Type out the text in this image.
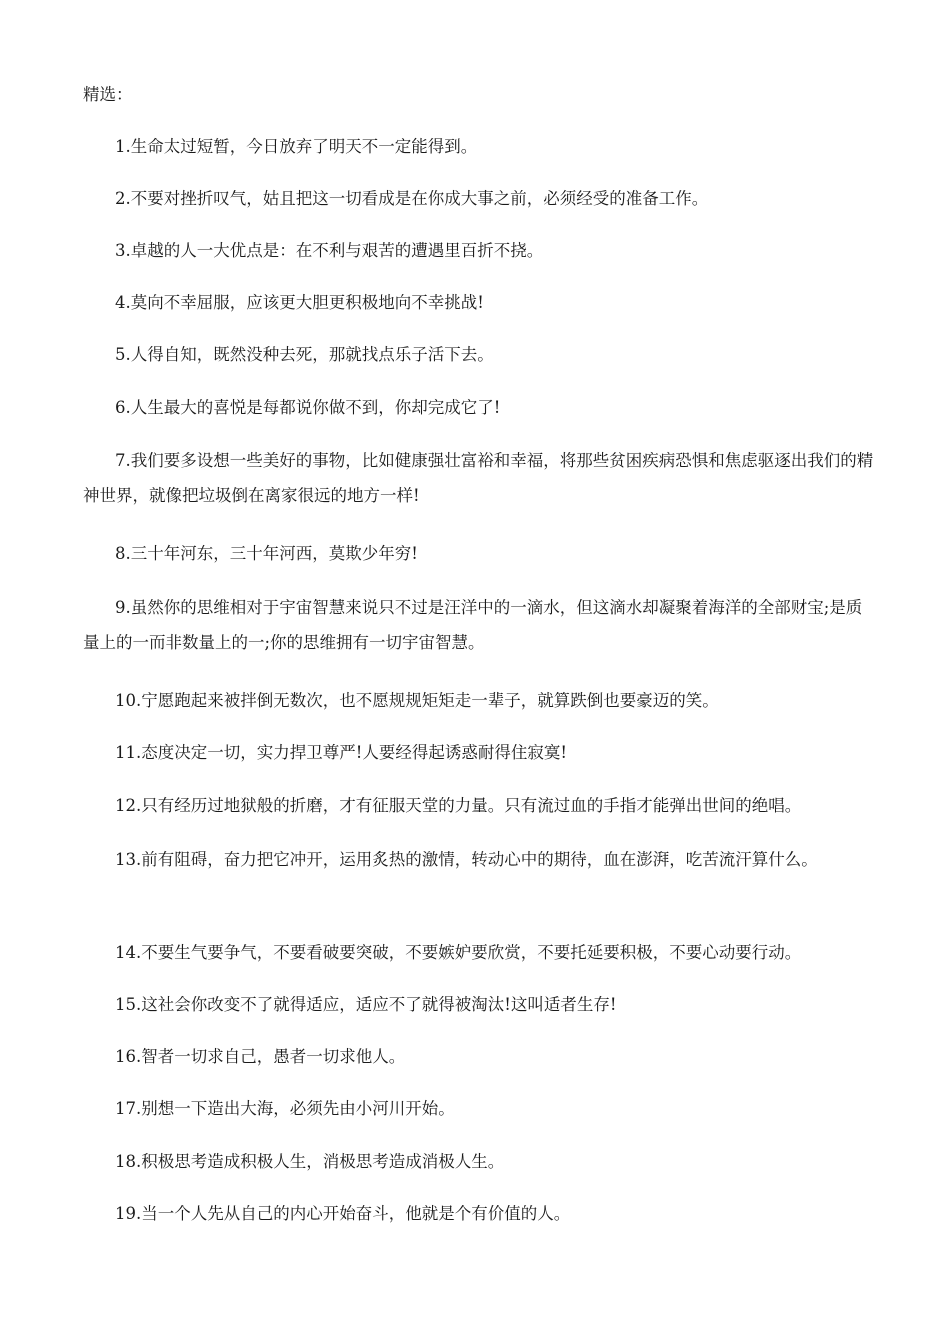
精选：

1.生命太过短暂，今日放弃了明天不一定能得到。

2.不要对挫折叹气，姑且把这一切看成是在你成大事之前，必须经受的准备工作。

3.卓越的人一大优点是：在不利与艰苦的遭遇里百折不挠。

4.莫向不幸屈服，应该更大胆更积极地向不幸挑战!

5.人得自知，既然没种去死，那就找点乐子活下去。

6.人生最大的喜悦是每都说你做不到，你却完成它了!

7.我们要多设想一些美好的事物，比如健康强壮富裕和幸福，将那些贫困疾病恐惧和焦虑驱逐出我们的精神世界，就像把垃圾倒在离家很远的地方一样!

8.三十年河东，三十年河西，莫欺少年穷!

9.虽然你的思维相对于宇宙智慧来说只不过是汪洋中的一滴水，但这滴水却凝聚着海洋的全部财宝;是质量上的一而非数量上的一;你的思维拥有一切宇宙智慧。

10.宁愿跑起来被拌倒无数次，也不愿规规矩矩走一辈子，就算跌倒也要豪迈的笑。

11.态度决定一切，实力捍卫尊严!人要经得起诱惑耐得住寂寞!

12.只有经历过地狱般的折磨，才有征服天堂的力量。只有流过血的手指才能弹出世间的绝唱。

13.前有阻碍，奋力把它冲开，运用炙热的激情，转动心中的期待，血在澎湃，吃苦流汗算什么。

14.不要生气要争气，不要看破要突破，不要嫉妒要欣赏，不要托延要积极，不要心动要行动。

15.这社会你改变不了就得适应，适应不了就得被淘汰!这叫适者生存!

16.智者一切求自己，愚者一切求他人。

17.别想一下造出大海，必须先由小河川开始。

18.积极思考造成积极人生，消极思考造成消极人生。

19.当一个人先从自己的内心开始奋斗，他就是个有价值的人。
